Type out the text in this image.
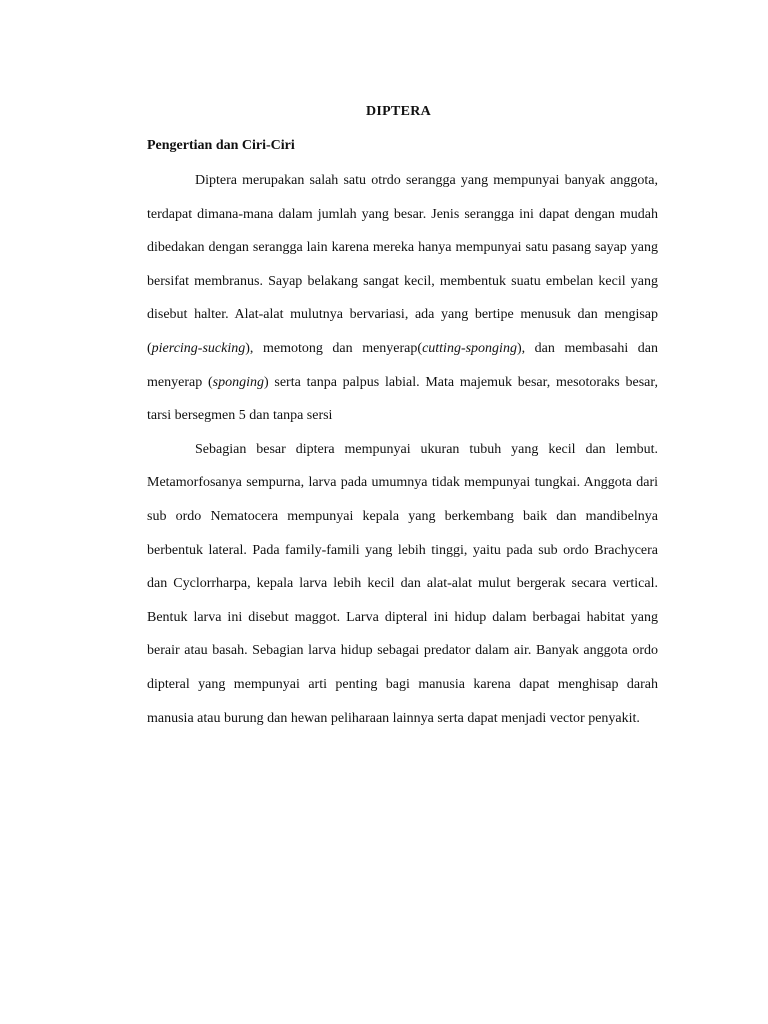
DIPTERA
Pengertian dan Ciri-Ciri

Diptera merupakan salah satu otrdo serangga yang mempunyai banyak anggota, terdapat dimana-mana dalam jumlah yang besar. Jenis serangga ini dapat dengan mudah dibedakan dengan serangga lain karena mereka hanya mempunyai satu pasang sayap yang bersifat membranus. Sayap belakang sangat kecil, membentuk suatu embelan kecil yang disebut halter. Alat-alat mulutnya bervariasi, ada yang bertipe menusuk dan mengisap (piercing-sucking), memotong dan menyerap(cutting-sponging), dan membasahi dan menyerap (sponging) serta tanpa palpus labial. Mata majemuk besar, mesotoraks besar, tarsi bersegmen 5 dan tanpa sersi

Sebagian besar diptera mempunyai ukuran tubuh yang kecil dan lembut. Metamorfosanya sempurna, larva pada umumnya tidak mempunyai tungkai. Anggota dari sub ordo Nematocera mempunyai kepala yang berkembang baik dan mandibelnya berbentuk lateral. Pada family-famili yang lebih tinggi, yaitu pada sub ordo Brachycera dan Cyclorrharpa, kepala larva lebih kecil dan alat-alat mulut bergerak secara vertical. Bentuk larva ini disebut maggot. Larva dipteral ini hidup dalam berbagai habitat yang berair atau basah. Sebagian larva hidup sebagai predator dalam air. Banyak anggota ordo dipteral yang mempunyai arti penting bagi manusia karena dapat menghisap darah manusia atau burung dan hewan peliharaan lainnya serta dapat menjadi vector penyakit.
